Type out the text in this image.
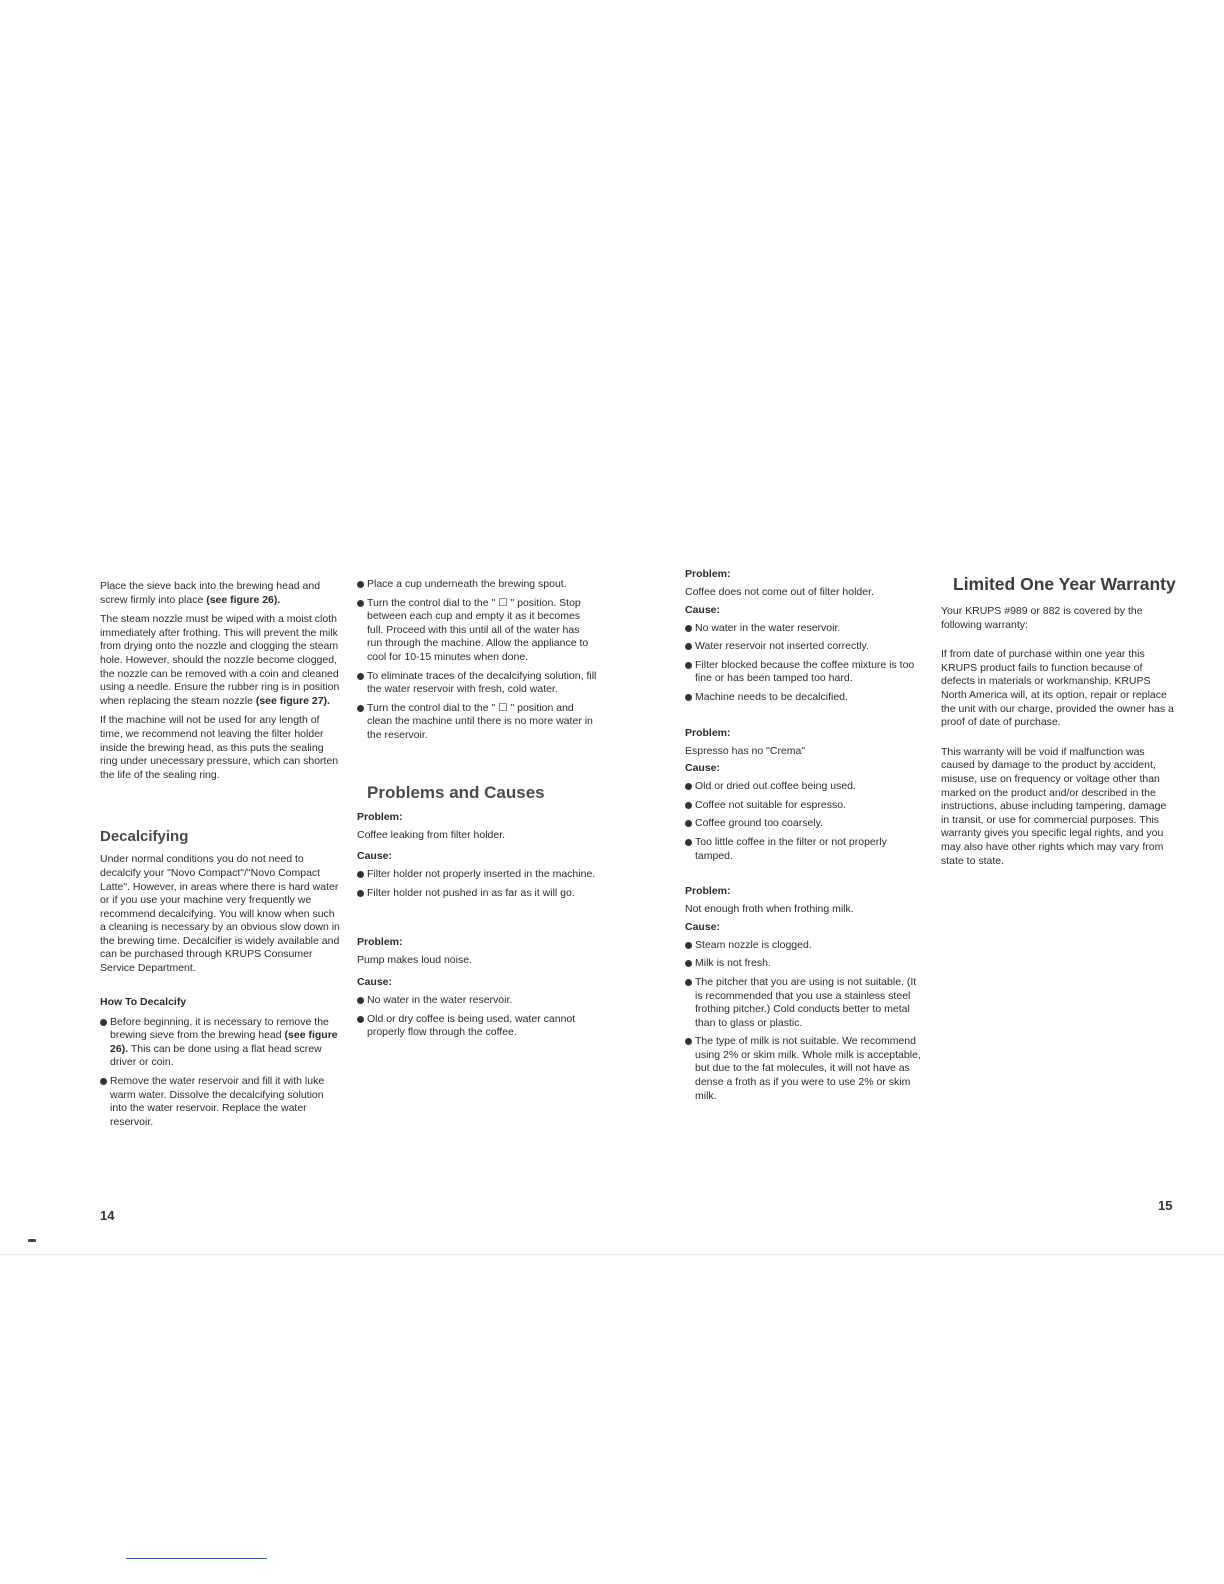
Place the sieve back into the brewing head and screw firmly into place (see figure 26).

The steam nozzle must be wiped with a moist cloth immediately after frothing. This will prevent the milk from drying onto the nozzle and clogging the steam hole. However, should the nozzle become clogged, the nozzle can be removed with a coin and cleaned using a needle. Ensure the rubber ring is in position when replacing the steam nozzle (see figure 27).

If the machine will not be used for any length of time, we recommend not leaving the filter holder inside the brewing head, as this puts the sealing ring under unecessary pressure, which can shorten the life of the sealing ring.

Decalcifying

Under normal conditions you do not need to decalcify your "Novo Compact"/"Novo Compact Latte". However, in areas where there is hard water or if you use your machine very frequently we recommend decalcifying. You will know when such a cleaning is necessary by an obvious slow down in the brewing time. Decalcifier is widely available and can be purchased through KRUPS Consumer Service Department.

How To Decalcify
Before beginning, it is necessary to remove the brewing sieve from the brewing head (see figure 26). This can be done using a flat head screw driver or coin.
Remove the water reservoir and fill it with luke warm water. Dissolve the decalcifying solution into the water reservoir. Replace the water reservoir.
14
Place a cup underneath the brewing spout.
Turn the control dial to the " ☐ " position. Stop between each cup and empty it as it becomes full. Proceed with this until all of the water has run through the machine. Allow the appliance to cool for 10-15 minutes when done.
To eliminate traces of the decalcifying solution, fill the water reservoir with fresh, cold water.
Turn the control dial to the " ☐ " position and clean the machine until there is no more water in the reservoir.
Problems and Causes
Problem:

Coffee leaking from filter holder.

Cause:
Filter holder not properly inserted in the machine.
Filter holder not pushed in as far as it will go.
Problem:

Pump makes loud noise.

Cause:
No water in the water reservoir.
Old or dry coffee is being used, water cannot properly flow through the coffee.
Problem:

Coffee does not come out of filter holder.

Cause:
No water in the water reservoir.
Water reservoir not inserted correctly.
Filter blocked because the coffee mixture is too fine or has been tamped too hard.
Machine needs to be decalcified.
Problem:

Espresso has no "Crema"

Cause:
Old or dried out coffee being used.
Coffee not suitable for espresso.
Coffee ground too coarsely.
Too little coffee in the filter or not properly tamped.
Problem:

Not enough froth when frothing milk.

Cause:
Steam nozzle is clogged.
Milk is not fresh.
The pitcher that you are using is not suitable. (It is recommended that you use a stainless steel frothing pitcher.) Cold conducts better to metal than to glass or plastic.
The type of milk is not suitable. We recommend using 2% or skim milk. Whole milk is acceptable, but due to the fat molecules, it will not have as dense a froth as if you were to use 2% or skim milk.
Limited One Year Warranty

Your KRUPS #989 or 882 is covered by the following warranty:

If from date of purchase within one year this KRUPS product fails to function because of defects in materials or workmanship, KRUPS North America will, at its option, repair or replace the unit with our charge, provided the owner has a proof of date of purchase.

This warranty will be void if malfunction was caused by damage to the product by accident, misuse, use on frequency or voltage other than marked on the product and/or described in the instructions, abuse including tampering, damage in transit, or use for commercial purposes. This warranty gives you specific legal rights, and you may also have other rights which may vary from state to state.

15
